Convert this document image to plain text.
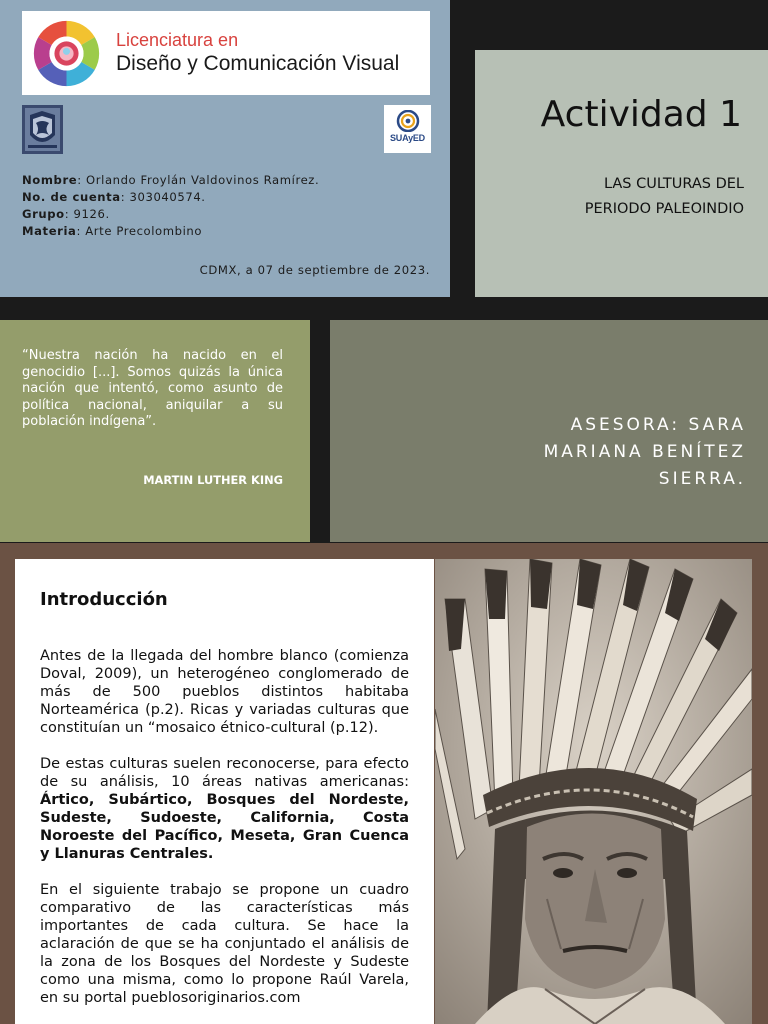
Licenciatura en
Diseño y Comunicación Visual
SUAyED
Nombre: Orlando Froylán Valdovinos Ramírez.
No. de cuenta: 303040574.
Grupo: 9126.
Materia: Arte Precolombino
CDMX, a 07 de septiembre de 2023.
Actividad 1
LAS CULTURAS DEL
PERIODO PALEOINDIO
“Nuestra nación ha nacido en el genocidio [...]. Somos quizás la única nación que intentó, como asunto de política nacional, aniquilar a su población indígena”.
MARTIN LUTHER KING
ASESORA: SARA
MARIANA BENÍTEZ
SIERRA.
Introducción

Antes de la llegada del hombre blanco (comienza Doval, 2009), un heterogéneo conglomerado de más de 500 pueblos distintos habitaba Norteamérica (p.2). Ricas y variadas culturas que constituían un “mosaico étnico-cultural (p.12).

De estas culturas suelen reconocerse, para efecto de su análisis, 10 áreas nativas americanas: Ártico, Subártico, Bosques del Nordeste, Sudeste, Sudoeste, California, Costa Noroeste del Pacífico, Meseta, Gran Cuenca y Llanuras Centrales.

En el siguiente trabajo se propone un cuadro comparativo de las características más importantes de cada cultura. Se hace la aclaración de que se ha conjuntado el análisis de la zona de los Bosques del Nordeste y Sudeste como una misma, como lo propone Raúl Varela, en su portal pueblosoriginarios.com
